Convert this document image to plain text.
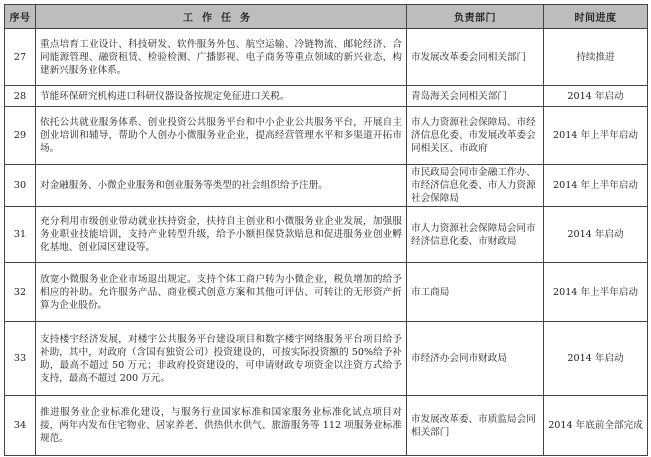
序号	工作任务	负责部门	时间进度
27	重点培育工业设计、科技研发、软件服务外包、航空运输、冷链物流、邮轮经济、合同能源管理、融资租赁、检验检测、广播影视、电子商务等重点领域的新兴业态，构建新兴服务业体系。	市发展改革委会同相关部门	持续推进
28	节能环保研究机构进口科研仪器设备按规定免征进口关税。	青岛海关会同相关部门	2014 年启动
29	依托公共就业服务体系、创业投资公共服务平台和中小企业公共服务平台，开展自主创业培训和辅导，帮助个人创办小微服务业企业，提高经营管理水平和多渠道开拓市场。	市人力资源社会保障局、市经济信息化委、市发展改革委会同相关区、市政府	2014 年上半年启动
30	对金融服务、小微企业服务和创业服务等类型的社会组织给予注册。	市民政局会同市金融工作办、市经济信息化委、市人力资源社会保障局	2014 年上半年启动
31	充分利用市级创业带动就业扶持资金，扶持自主创业和小微服务业企业发展，加强服务业职业技能培训，支持产业转型升级，给予小额担保贷款贴息和促进服务业创业孵化基地、创业园区建设等。	市人力资源社会保障局会同市经济信息化委、市财政局	2014 年启动
32	放宽小微服务业企业市场退出规定。支持个体工商户转为小微企业，税负增加的给予相应的补助。允许服务产品、商业模式创意方案和其他可评估、可转让的无形资产折算为企业股份。	市工商局	2014 年上半年启动
33	支持楼宇经济发展，对楼宇公共服务平台建设项目和数字楼宇网络服务平台项目给予补助，其中，对政府（含国有独资公司）投资建设的，可按实际投资额的 50%给予补助，最高不超过 50 万元；非政府投资建设的，可申请财政专项资金以注资方式给予支持，最高不超过 200 万元。	市经济办会同市财政局	2014 年启动
34	推进服务业企业标准化建设，与服务行业国家标准和国家服务业标准化试点项目对接，两年内发布住宅物业、居家养老、供热供水供气、旅游服务等 112 项服务业标准规范。	市发展改革委、市质监局会同相关部门	2014 年底前全部完成
